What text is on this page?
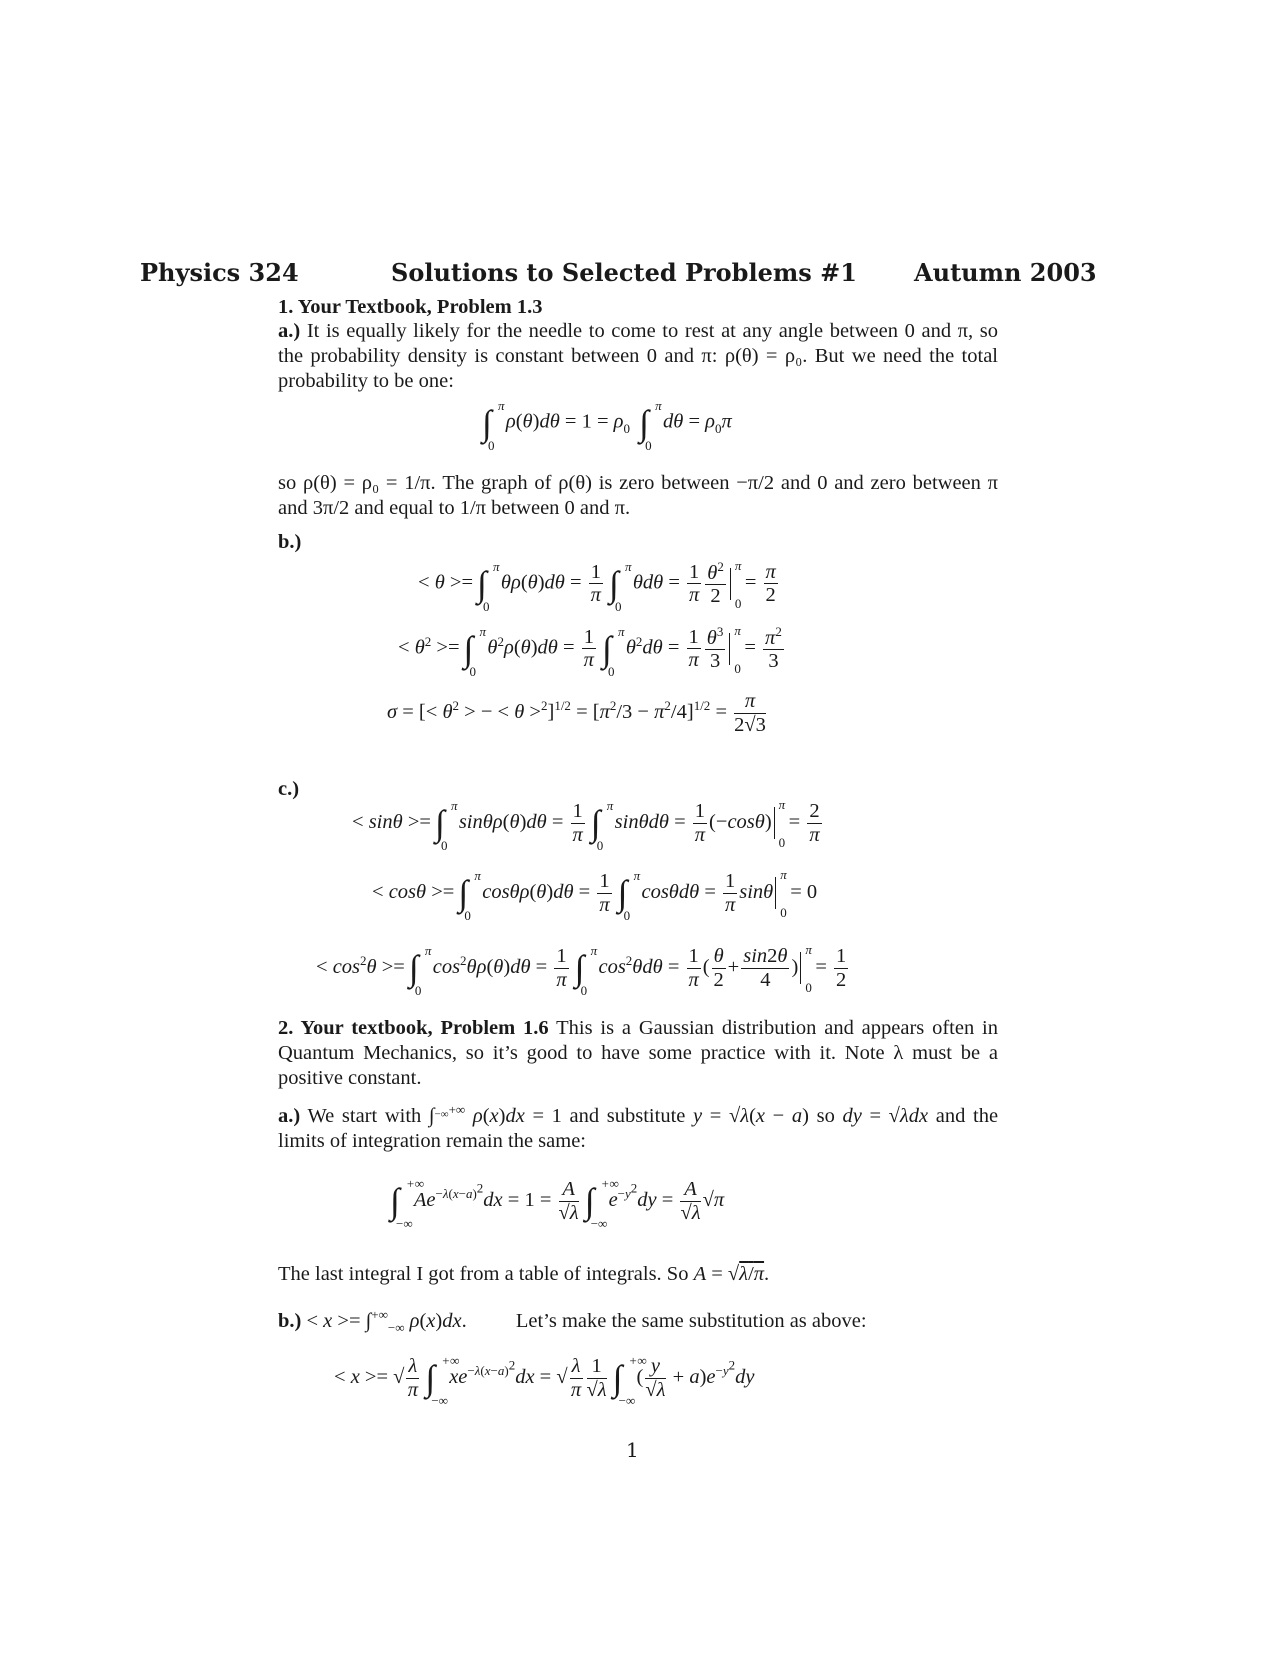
Physics 324	Solutions to Selected Problems #1 Autumn 2003
1. Your Textbook, Problem 1.3
a.) It is equally likely for the needle to come to rest at any angle between 0 and π, so the probability density is constant between 0 and π: ρ(θ) = ρ₀. But we need the total probability to be one:
∫ π
0
$\rho(\theta)d\theta = 1 = \rho_0$ ∫ π
0
$d\theta = \rho_0\pi$
so ρ(θ) = ρ₀ = 1/π. The graph of ρ(θ) is zero between −π/2 and 0 and zero between π and 3π/2 and equal to 1/π between 0 and π.
b.)
< θ >= ∫ π
0
$\theta\rho(\theta)d\theta = \frac{1}{\pi}$ ∫ π
0
$\theta d\theta = \frac{1}{\pi} \frac{\theta^2}{2}$ π
0
= $\frac{\pi}{2}$
< $\theta^2$ >= ∫ π
0
$\theta^2\rho(\theta)d\theta = \frac{1}{\pi}$ ∫ π
0
$\theta^2d\theta = \frac{1}{\pi} \frac{\theta^3}{3}$ π
0
= $\frac{\pi^2}{3}$
σ = [< $\theta^2$ > − < $\theta >^2]^{1/2} = [\pi^2/3 - \pi^2/4]^{1/2} = \frac{\pi}{2√3}$
c.)
< sinθ >= ∫ π
0
$\sin\theta\rho(\theta)d\theta = \frac{1}{\pi}$ ∫ π
0
$\sin\theta d\theta = \frac{1}{\pi} (-\cos\theta)$
π
0
= $\frac{2}{\pi}$
< cosθ >= ∫ π
0
$\cos\theta\rho(\theta)d\theta = \frac{1}{\pi}$ ∫ π
0
$\cos\theta d\theta = \frac{1}{\pi}$ sinθ
π
0
= 0
< $\cos^2\theta$ >= ∫ π
0
$\cos^2\theta\rho(\theta)d\theta = \frac{1}{\pi}$ ∫ π
0
$\cos^2\theta d\theta = \frac{1}{\pi}$ ( $\frac{\theta}{2} + \frac{\sin 2\theta}{4}$ )
π
0
= $\frac{1}{2}$
2. Your textbook, Problem 1.6 This is a Gaussian distribution and appears often in Quantum Mechanics, so it’s good to have some practice with it. Note λ must be a positive constant.
a.) We start with ∫−∞+∞ ρ(x)dx = 1 and substitute y = √λ(x − a) so dy = √λdx and the limits of integration remain the same:
∫ +∞
−∞
$Ae^{-\lambda(x-a)^2}dx = 1 = \frac{A}{√\lambda}$ ∫ +∞
−∞
$e^{-y^2}dy = \frac{A}{√\lambda} √\pi$
The last integral I got from a table of integrals. So A = √λ/π.
$b.) < x >= \int^{+\infty}_{-\infty}$ ρ(x)dx. Let’s make the same substitution as above:
< x >= √ $\frac{\lambda}{\pi}$ ∫ +∞
−∞
$xe^{-\lambda(x-a)^2}dx$ = √ $\frac{\lambda}{\pi} \frac{1}{√\lambda}$ ∫ +∞
−∞
( $\frac{y}{√\lambda} + a)e^{-y^2}dy$
1
